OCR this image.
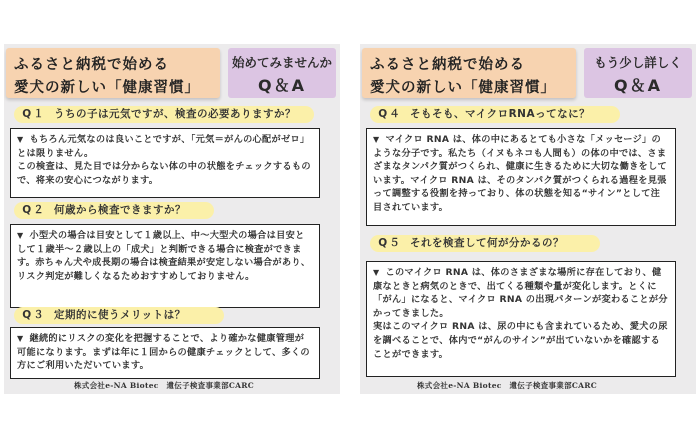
ふるさと納税で始める
愛犬の新しい「健康習慣」
始めてみませんか
Q＆A
Q１ うちの子は元気ですが、検査の必要ありますか？

▼ もちろん元気なのは良いことですが、「元気＝がんの心配がゼロ」とは限りません。

この検査は、見た目では分からない体の中の状態をチェックするもので、将来の安心につながります。

Q２ 何歳から検査できますか？

▼ 小型犬の場合は目安として１歳以上、中～大型犬の場合は目安として１歳半～２歳以上の「成犬」と判断できる場合に検査ができます。赤ちゃん犬や成長期の場合は検査結果が安定しない場合があり、リスク判定が難しくなるためおすすめしておりません。

Q３ 定期的に使うメリットは？

▼ 継続的にリスクの変化を把握することで、より確かな健康管理が可能になります。まずは年に１回からの健康チェックとして、多くの方にご利用いただいています。

株式会社e-NA Biotec　遺伝子検査事業部CARC
ふるさと納税で始める
愛犬の新しい「健康習慣」
もう少し詳しく
Q＆A
Q４ そもそも、マイクロRNAってなに？

▼ マイクロ RNA は、体の中にあるとても小さな「メッセージ」のような分子です。私たち（イヌもネコも人間も）の体の中では、さまざまなタンパク質がつくられ、健康に生きるために大切な働きをしています。マイクロ RNA は、そのタンパク質がつくられる過程を見張って調整する役割を持っており、体の状態を知る“サイン”として注目されています。

Q５ それを検査して何が分かるの？

▼ このマイクロ RNA は、体のさまざまな場所に存在しており、健康なときと病気のときで、出てくる種類や量が変化します。とくに「がん」になると、マイクロ RNA の出現パターンが変わることが分かってきました。

実はこのマイクロ RNA は、尿の中にも含まれているため、愛犬の尿を調べることで、体内で“がんのサイン”が出ていないかを確認することができます。

株式会社e-NA Biotec　遺伝子検査事業部CARC
